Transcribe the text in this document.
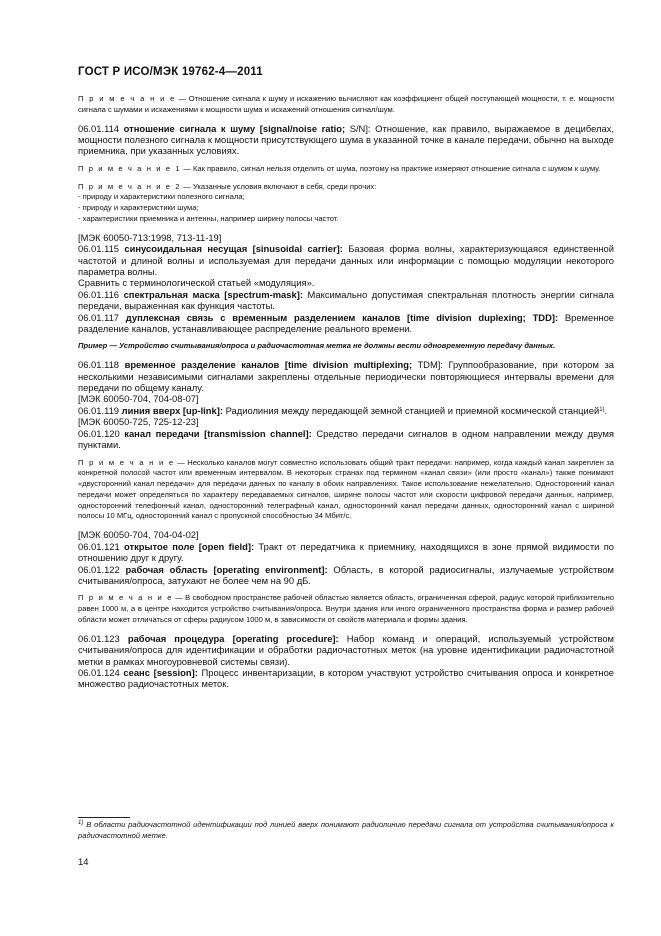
ГОСТ Р ИСО/МЭК 19762-4—2011

П р и м е ч а н и е — Отношение сигнала к шуму и искажению вычисляют как коэффициент общей поступающей мощности, т. е. мощности сигнала с шумами и искажениями к мощности шума и искажений отношения сигнал/шум.

06.01.114 отношение сигнала к шуму [signal/noise ratio; S/N]: Отношение, как правило, выражаемое в децибелах, мощности полезного сигнала к мощности присутствующего шума в указанной точке в канале передачи, обычно на выходе приемника, при указанных условиях.

П р и м е ч а н и е 1 — Как правило, сигнал нельзя отделить от шума, поэтому на практике измеряют отношение сигнала с шумом к шуму.

П р и м е ч а н и е 2 — Указанные условия включают в себя, среди прочих:

- природу и характеристики полезного сигнала;

- природу и характеристики шума;

- характеристики приемника и антенны, например ширину полосы частот.

[МЭК 60050-713:1998, 713-11-19]

06.01.115 синусоидальная несущая [sinusoidal carrier]: Базовая форма волны, характеризующаяся единственной частотой и длиной волны и используемая для передачи данных или информации с помощью модуляции некоторого параметра волны.

Сравнить с терминологической статьей «модуляция».

06.01.116 спектральная маска [spectrum-mask]: Максимально допустимая спектральная плотность энергии сигнала передачи, выраженная как функция частоты.

06.01.117 дуплексная связь с временным разделением каналов [time division duplexing; TDD]: Временное разделение каналов, устанавливающее распределение реального времени.

Пример — Устройство считывания/опроса и радиочастотная метка не должны вести одновременную передачу данных.

06.01.118 временное разделение каналов [time division multiplexing; TDM]: Группообразование, при котором за несколькими независимыми сигналами закреплены отдельные периодически повторяющиеся интервалы времени для передачи по общему каналу.

[МЭК 60050-704, 704-08-07]

06.01.119 линия вверх [up-link]: Радиолиния между передающей земной станцией и приемной космической станцией$^{1)}$.

[МЭК 60050-725, 725-12-23]

06.01.120 канал передачи [transmission channel]: Средство передачи сигналов в одном направлении между двумя пунктами.

П р и м е ч а н и е — Несколько каналов могут совместно использовать общий тракт передачи: например, когда каждый канал закреплен за конкретной полосой частот или временным интервалом. В некоторых странах под термином «канал связи» (или просто «канал») также понимают «двусторонний канал передачи» для передачи данных по каналу в обоих направлениях. Такое использование нежелательно. Односторонний канал передачи может определяться по характеру передаваемых сигналов, ширине полосы частот или скорости цифровой передачи данных, например, односторонний телефонный канал, односторонний телеграфный канал, односторонний канал передачи данных, односторонний канал с шириной полосы 10 MГц, односторонний канал с пропускной способностью 34 Мбит/с.

[МЭК 60050-704, 704-04-02]

06.01.121 открытое поле [open field]: Тракт от передатчика к приемнику, находящихся в зоне прямой видимости по отношению друг к другу.

06.01.122 рабочая область [operating environment]: Область, в которой радиосигналы, излучаемые устройством считывания/опроса, затухают не более чем на 90 дБ.

П р и м е ч а н и е — В свободном пространстве рабочей областью является область, ограниченная сферой, радиус которой приблизительно равен 1000 м, а в центре находится устройство считывания/опроса. Внутри здания или иного ограниченного пространства форма и размер рабочей области может отличаться от сферы радиусом 1000 м, в зависимости от свойств материала и формы здания.

06.01.123 рабочая процедура [operating procedure]: Набор команд и операций, используемый устройством считывания/опроса для идентификации и обработки радиочастотных меток (на уровне идентификации радиочастотной метки в рамках многоуровневой системы связи).

06.01.124 сеанс [session]: Процесс инвентаризации, в котором участвуют устройство считывания опроса и конкретное множество радиочастотных меток.

$^{1)}$ В области радиочастотной идентификации под линией вверх понимают радиолинию передачи сигнала от устройства считывания/опроса к радиочастотной метке.

14
